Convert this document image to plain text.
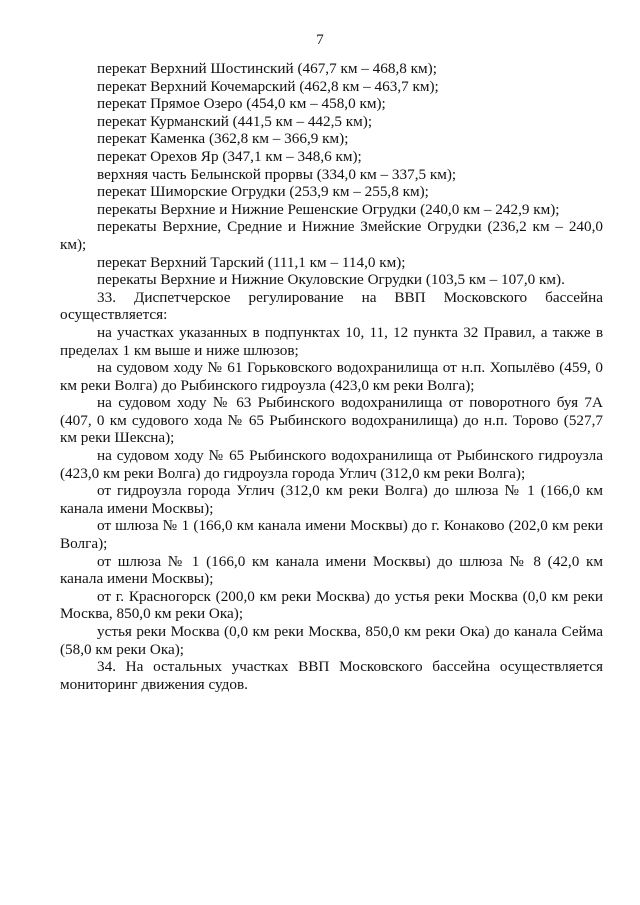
7

перекат Верхний Шостинский (467,7 км – 468,8 км);

перекат Верхний Кочемарский (462,8 км – 463,7 км);

перекат Прямое Озеро (454,0 км – 458,0 км);

перекат Курманский (441,5 км – 442,5 км);

перекат Каменка (362,8 км – 366,9 км);

перекат Орехов Яр (347,1 км – 348,6 км);

верхняя часть Белынской прорвы (334,0 км – 337,5 км);

перекат Шиморские Огрудки (253,9 км – 255,8 км);

перекаты Верхние и Нижние Решенские Огрудки (240,0 км – 242,9 км);

перекаты Верхние, Средние и Нижние Змейские Огрудки (236,2 км – 240,0 км);

перекат Верхний Тарский (111,1 км – 114,0 км);

перекаты Верхние и Нижние Окуловские Огрудки (103,5 км – 107,0 км).

33. Диспетчерское регулирование на ВВП Московского бассейна осуществляется:

на участках указанных в подпунктах 10, 11, 12 пункта 32 Правил, а также в пределах 1 км выше и ниже шлюзов;

на судовом ходу № 61 Горьковского водохранилища от н.п. Хопылёво (459, 0 км реки Волга) до Рыбинского гидроузла (423,0 км реки Волга);

на судовом ходу № 63 Рыбинского водохранилища от поворотного буя 7А (407, 0 км судового хода № 65 Рыбинского водохранилища) до н.п. Торово (527,7 км реки Шексна);

на судовом ходу № 65 Рыбинского водохранилища от Рыбинского гидроузла (423,0 км реки Волга) до гидроузла города Углич (312,0 км реки Волга);

от гидроузла города Углич (312,0 км реки Волга) до шлюза № 1 (166,0 км канала имени Москвы);

от шлюза № 1 (166,0 км канала имени Москвы) до г. Конаково (202,0 км реки Волга);

от шлюза № 1 (166,0 км канала имени Москвы) до шлюза № 8 (42,0 км канала имени Москвы);

от г. Красногорск (200,0 км реки Москва) до устья реки Москва (0,0 км реки Москва, 850,0 км реки Ока);

устья реки Москва (0,0 км реки Москва, 850,0 км реки Ока) до канала Сейма (58,0 км реки Ока);

34. На остальных участках ВВП Московского бассейна осуществляется мониторинг движения судов.
